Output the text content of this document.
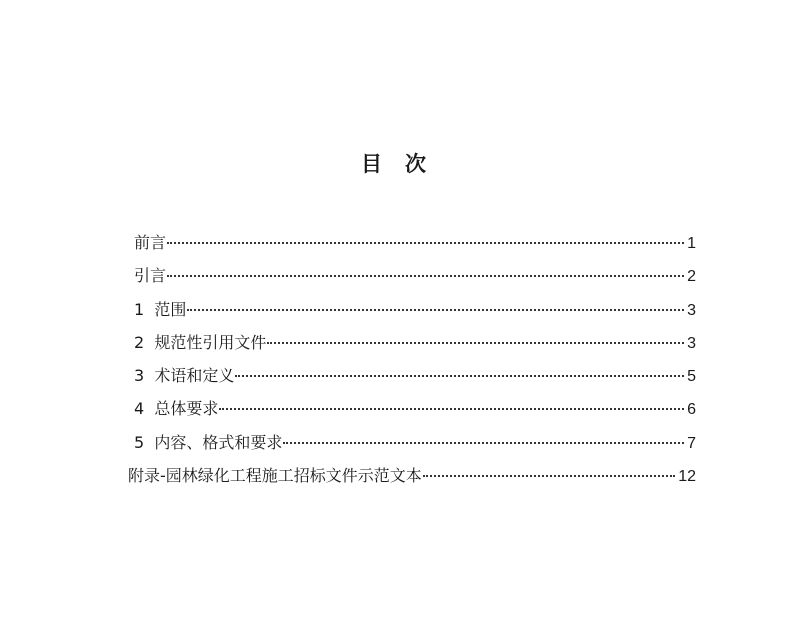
目 次
前言	1
引言	2
1 范围	3
2 规范性引用文件	3
3 术语和定义	5
4 总体要求	6
5 内容、格式和要求	7
附录-园林绿化工程施工招标文件示范文本	12
